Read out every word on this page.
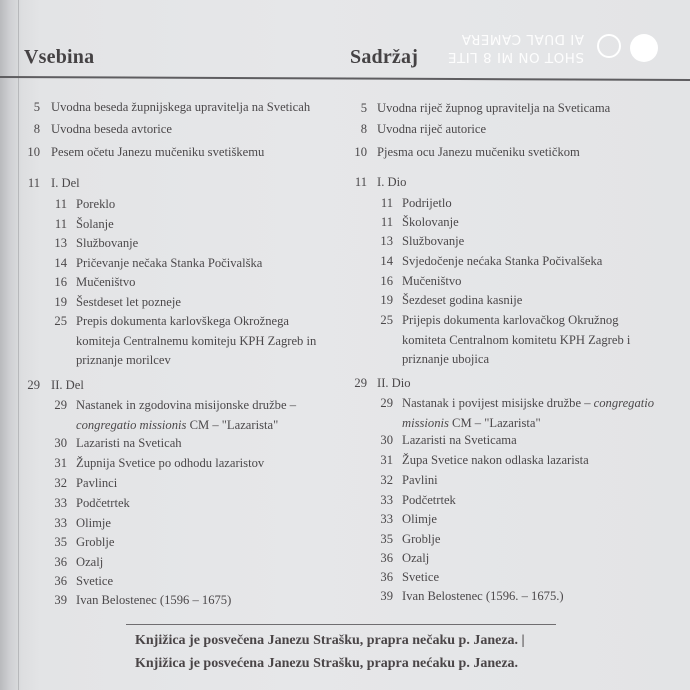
Vsebina	Sadržaj	SHOT ON MI 8 LITE
AI DUAL CAMERA
5 Uvodna beseda župnijskega upravitelja na Sveticah
8 Uvodna beseda avtorice
10 Pesem očetu Janezu mučeniku svetiškemu
11 I. Del
11 Poreklo
11 Šolanje
13 Službovanje
14 Pričevanje nečaka Stanka Počivalška
16 Mučeništvo
19 Šestdeset let pozneje
25 Prepis dokumenta karlovškega Okrožnega
komiteja Centralnemu komiteju KPH Zagreb in
priznanje morilcev
29 II. Del
29 Nastanek in zgodovina misijonske družbe –
congregatio missionis CM – "Lazarista"
30 Lazaristi na Sveticah
31 Župnija Svetice po odhodu lazaristov
32 Pavlinci
33 Podčetrtek
33 Olimje
35 Groblje
36 Ozalj
36 Svetice
39 Ivan Belostenec (1596 – 1675)
5 Uvodna riječ župnog upravitelja na Sveticama
8 Uvodna riječ autorice
10 Pjesma ocu Janezu mučeniku svetičkom
11 I. Dio
11 Podrijetlo
11 Školovanje
13 Službovanje
14 Svjedočenje nećaka Stanka Počivalšeka
16 Mučeništvo
19 Šezdeset godina kasnije
25 Prijepis dokumenta karlovačkog Okružnog
komiteta Centralnom komitetu KPH Zagreb i
priznanje ubojica
29 II. Dio
29 Nastanak i povijest misijske družbe – congregatio
missionis CM – "Lazarista"
30 Lazaristi na Sveticama
31 Župa Svetice nakon odlaska lazarista
32 Pavlini
33 Podčetrtek
33 Olimje
35 Groblje
36 Ozalj
36 Svetice
39 Ivan Belostenec (1596. – 1675.)
Knjižica je posvečena Janezu Strašku, prapra nečaku p. Janeza. |
Knjižica je posvećena Janezu Strašku, prapra nećaku p. Janeza.
